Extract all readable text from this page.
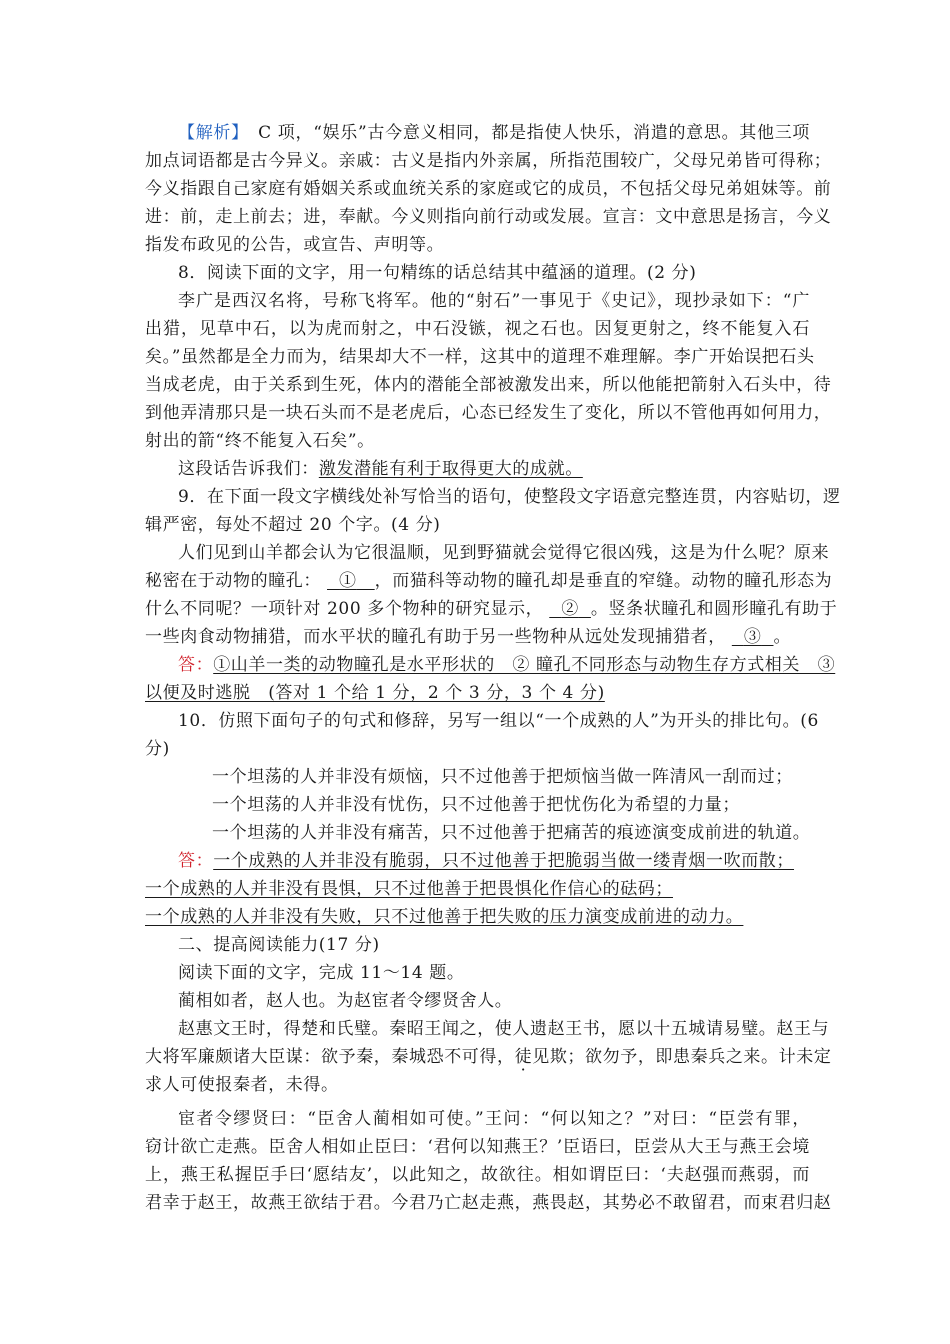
【解析】　 C 项，“娱乐”古今意义相同，都是指使人快乐，消遣的意思。其他三项
加点词语都是古今异义。亲戚：古义是指内外亲属，所指范围较广，父母兄弟皆可得称；
今义指跟自己家庭有婚姻关系或血统关系的家庭或它的成员，不包括父母兄弟姐妹等。前
进：前，走上前去；进，奉献。今义则指向前行动或发展。宣言：文中意思是扬言，今义
指发布政见的公告，或宣告、声明等。
8．阅读下面的文字，用一句精练的话总结其中蕴涵的道理。(2 分)
李广是西汉名将，号称飞将军。他的“射石”一事见于《史记》，现抄录如下：“广
出猎，见草中石，以为虎而射之，中石没镞，视之石也。因复更射之，终不能复入石
矣。”虽然都是全力而为，结果却大不一样，这其中的道理不难理解。李广开始误把石头
当成老虎，由于关系到生死，体内的潜能全部被激发出来，所以他能把箭射入石头中，待
到他弄清那只是一块石头而不是老虎后，心态已经发生了变化，所以不管他再如何用力，
射出的箭“终不能复入石矣”。
这段话告诉我们：激发潜能有利于取得更大的成就。
9．在下面一段文字横线处补写恰当的语句，使整段文字语意完整连贯，内容贴切，逻
辑严密，每处不超过 20 个字。(4 分)
人们见到山羊都会认为它很温顺，见到野猫就会觉得它很凶残，这是为什么呢？原来
秘密在于动物的瞳孔： ① ，而猫科等动物的瞳孔却是垂直的窄缝。动物的瞳孔形态为
什么不同呢？一项针对 200 多个物种的研究显示， ② 。竖条状瞳孔和圆形瞳孔有助于
一些肉食动物捕猎，而水平状的瞳孔有助于另一些物种从远处发现捕猎者， ③ 。
答：①山羊一类的动物瞳孔是水平形状的　② 瞳孔不同形态与动物生存方式相关　③
以便及时逃脱　(答对 1 个给 1 分，2 个 3 分，3 个 4 分)
10．仿照下面句子的句式和修辞，另写一组以“一个成熟的人”为开头的排比句。(6
分)
一个坦荡的人并非没有烦恼，只不过他善于把烦恼当做一阵清风一刮而过；
一个坦荡的人并非没有忧伤，只不过他善于把忧伤化为希望的力量；
一个坦荡的人并非没有痛苦，只不过他善于把痛苦的痕迹演变成前进的轨道。
答：一个成熟的人并非没有脆弱，只不过他善于把脆弱当做一缕青烟一吹而散；
一个成熟的人并非没有畏惧，只不过他善于把畏惧化作信心的砝码；
一个成熟的人并非没有失败，只不过他善于把失败的压力演变成前进的动力。
二、提高阅读能力(17 分)
阅读下面的文字，完成 11～14 题。
蔺相如者，赵人也。为赵宦者令缪贤舍人。
赵惠文王时，得楚和氏璧。秦昭王闻之，使人遗赵王书，愿以十五城请易璧。赵王与
大将军廉颇诸大臣谋：欲予秦，秦城恐不可得，徒见欺；欲勿予，即患秦兵之来。计未定
求人可使报秦者，未得。
宦者令缪贤曰：“臣舍人蔺相如可使。”王问：“何以知之？”对曰：“臣尝有罪，
窃计欲亡走燕。臣舍人相如止臣曰：‘君何以知燕王？’臣语曰，臣尝从大王与燕王会境
上，燕王私握臣手曰‘愿结友’，以此知之，故欲往。相如谓臣曰：‘夫赵强而燕弱，而
君幸于赵王，故燕王欲结于君。今君乃亡赵走燕，燕畏赵，其势必不敢留君，而束君归赵
